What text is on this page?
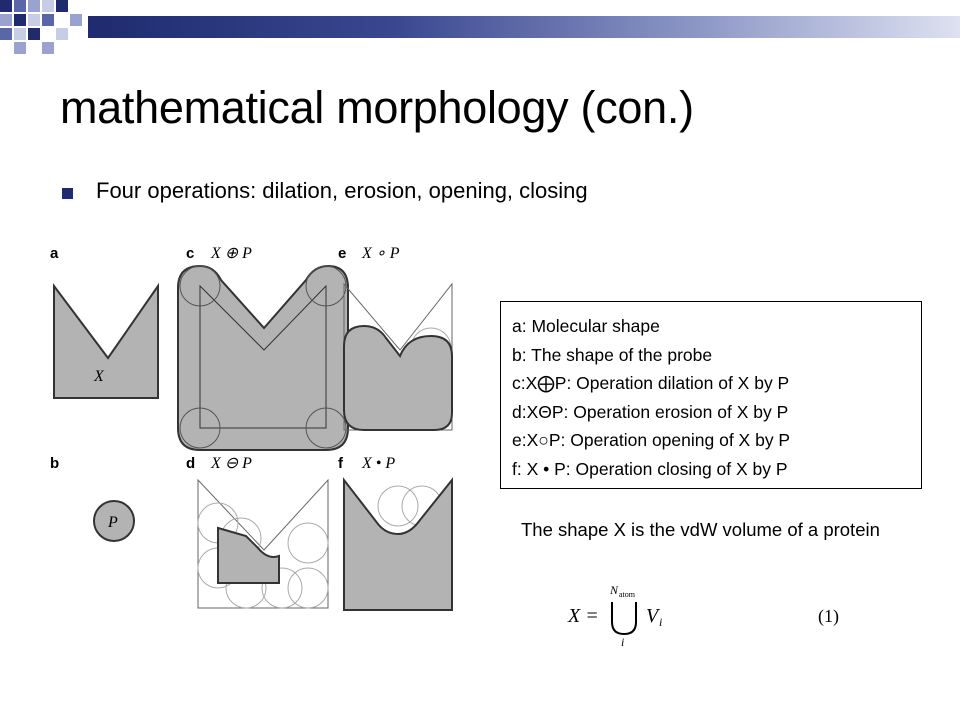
mathematical morphology (con.)
Four operations: dilation, erosion, opening, closing
a
X
b
P
c X ⊕ P
d X ⊖ P
e X ∘ P
f X • P
a: Molecular shape
b: The shape of the probe
c:X⨁P: Operation dilation of X by P
d:XΘP: Operation erosion of X by P
e:X○P: Operation opening of X by P
f: X • P: Operation closing of X by P
The shape X is the vdW volume of a protein
X =
N atom
i
V i	(1)
